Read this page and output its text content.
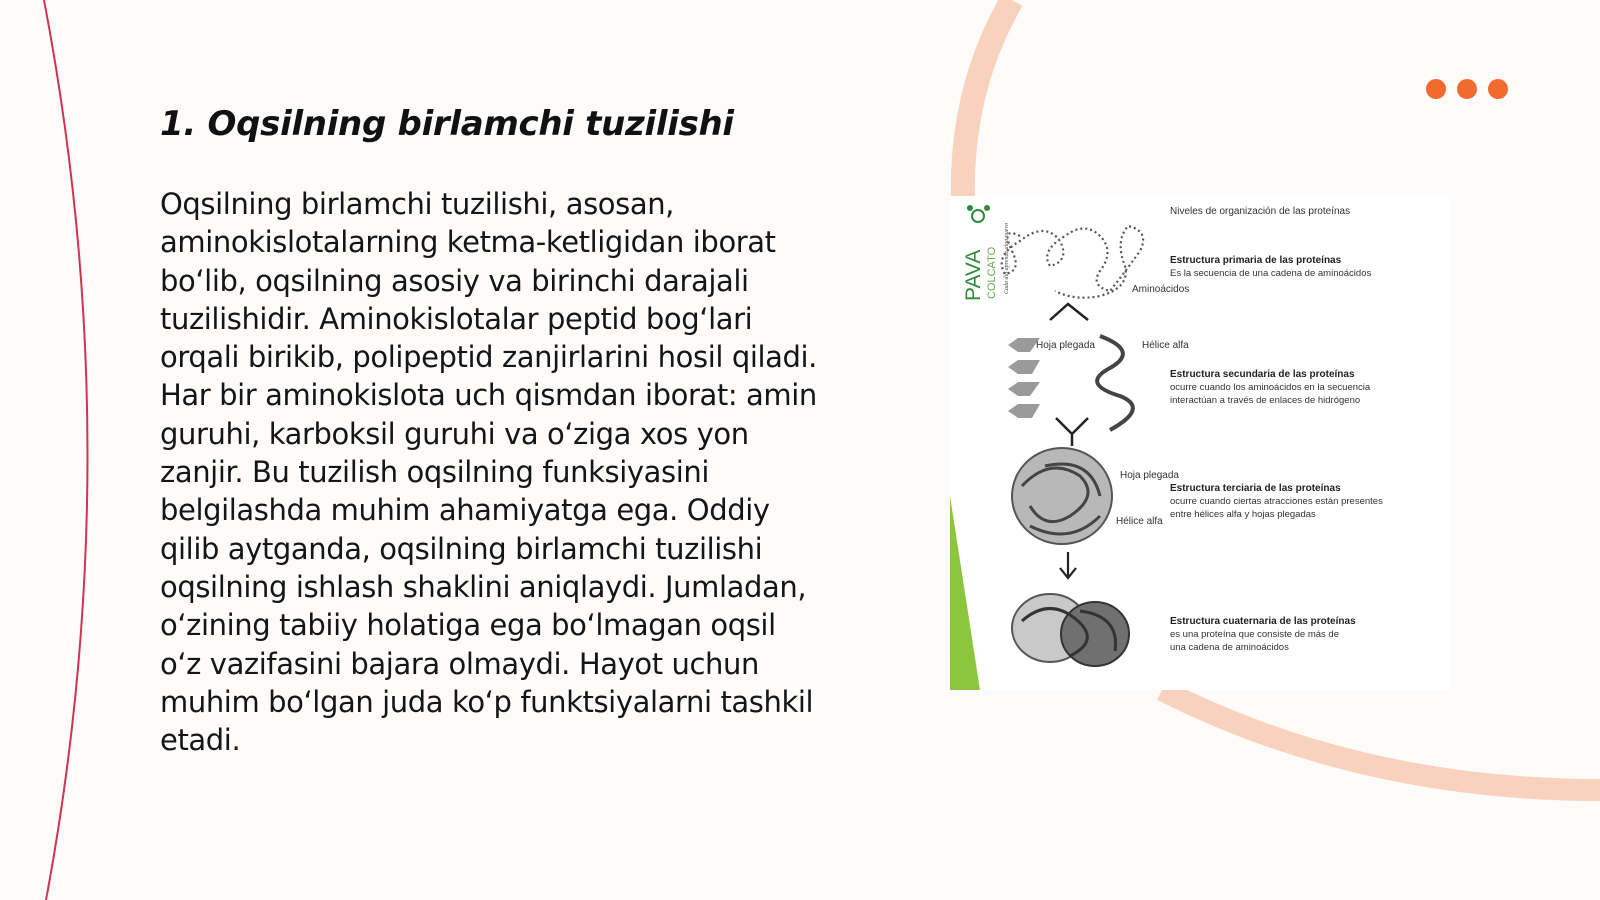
1. Oqsilning birlamchi tuzilishi

Oqsilning birlamchi tuzilishi, asosan, aminokislotalarning ketma-ketligidan iborat bo‘lib, oqsilning asosiy va birinchi darajali tuzilishidir. Aminokislotalar peptid bog‘lari orqali birikib, polipeptid zanjirlarini hosil qiladi. Har bir aminokislota uch qismdan iborat: amin guruhi, karboksil guruhi va o‘ziga xos yon zanjir. Bu tuzilish oqsilning funksiyasini belgilashda muhim ahamiyatga ega. Oddiy qilib aytganda, oqsilning birlamchi tuzilishi oqsilning ishlash shaklini aniqlaydi. Jumladan, o‘zining tabiiy holatiga ega bo‘lmagan oqsil o‘z vazifasini bajara olmaydi. Hayot uchun muhim bo‘lgan juda ko‘p funktsiyalarni tashkil etadi.

PAVA COLCATO Cada día aprende algo nuevo	Aminoácidos
Hoja plegada	Hélice alfa
Hoja plegada
Hélice alfa
Niveles de organización de las proteínas
Estructura primaria de las proteínas
Es la secuencia de una cadena de aminoácidos
Estructura secundaria de las proteínas
ocurre cuando los aminoácidos en la secuencia
interactúan a través de enlaces de hidrógeno
Estructura terciaria de las proteínas
ocurre cuando ciertas atracciones están presentes
entre hélices alfa y hojas plegadas
Estructura cuaternaria de las proteínas
es una proteína que consiste de más de
una cadena de aminoácidos
